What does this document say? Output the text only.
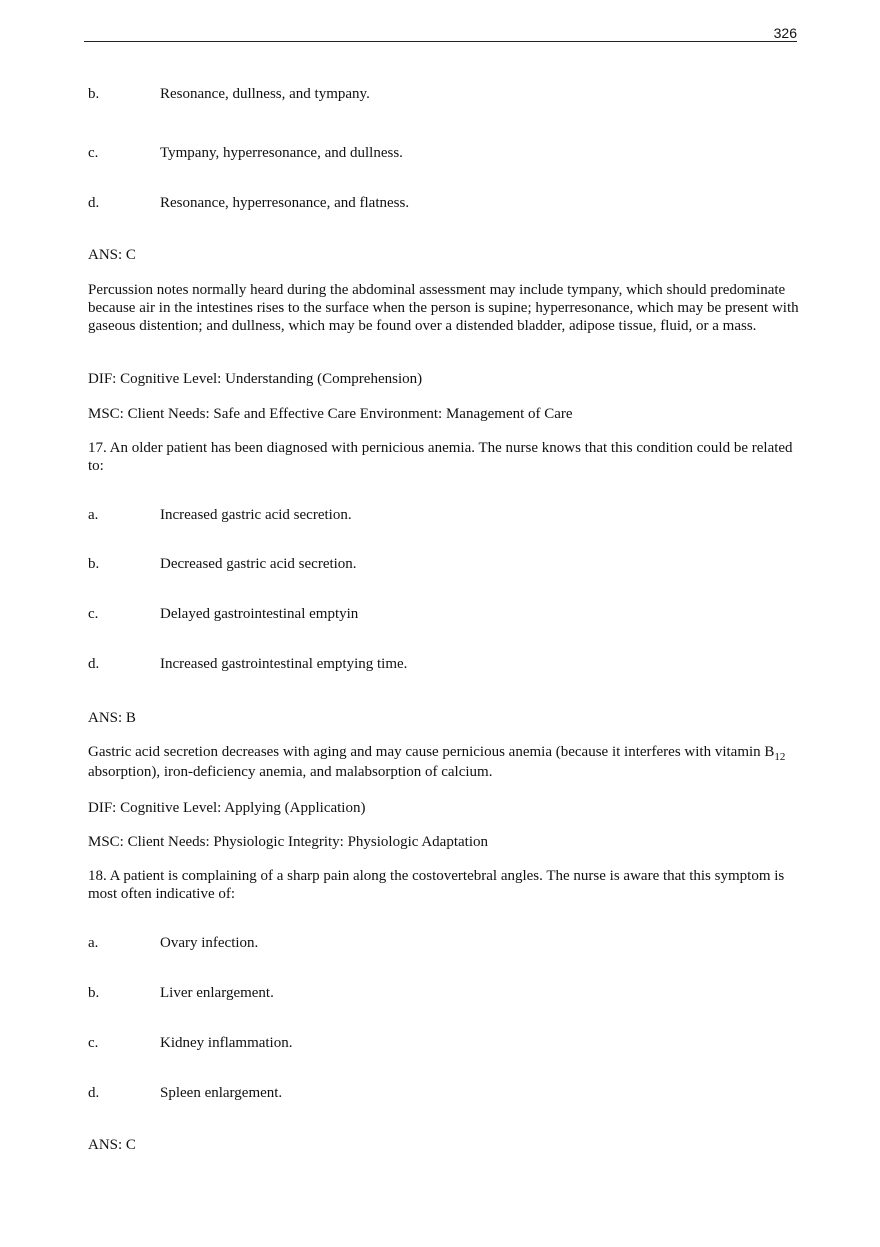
326
b.	Resonance, dullness, and tympany.
c.	Tympany, hyperresonance, and dullness.
d.	Resonance, hyperresonance, and flatness.
ANS: C
Percussion notes normally heard during the abdominal assessment may include tympany, which should predominate because air in the intestines rises to the surface when the person is supine; hyperresonance, which may be present with gaseous distention; and dullness, which may be found over a distended bladder, adipose tissue, fluid, or a mass.
DIF: Cognitive Level: Understanding (Comprehension)
MSC: Client Needs: Safe and Effective Care Environment: Management of Care
17. An older patient has been diagnosed with pernicious anemia. The nurse knows that this condition could be related to:
a.	Increased gastric acid secretion.
b.	Decreased gastric acid secretion.
c.	Delayed gastrointestinal emptyin
d.	Increased gastrointestinal emptying time.
ANS: B
Gastric acid secretion decreases with aging and may cause pernicious anemia (because it interferes with vitamin $B_{12}$ absorption), iron-deficiency anemia, and malabsorption of calcium.
DIF: Cognitive Level: Applying (Application)
MSC: Client Needs: Physiologic Integrity: Physiologic Adaptation
18. A patient is complaining of a sharp pain along the costovertebral angles. The nurse is aware that this symptom is most often indicative of:
a.	Ovary infection.
b.	Liver enlargement.
c.	Kidney inflammation.
d.	Spleen enlargement.
ANS: C
